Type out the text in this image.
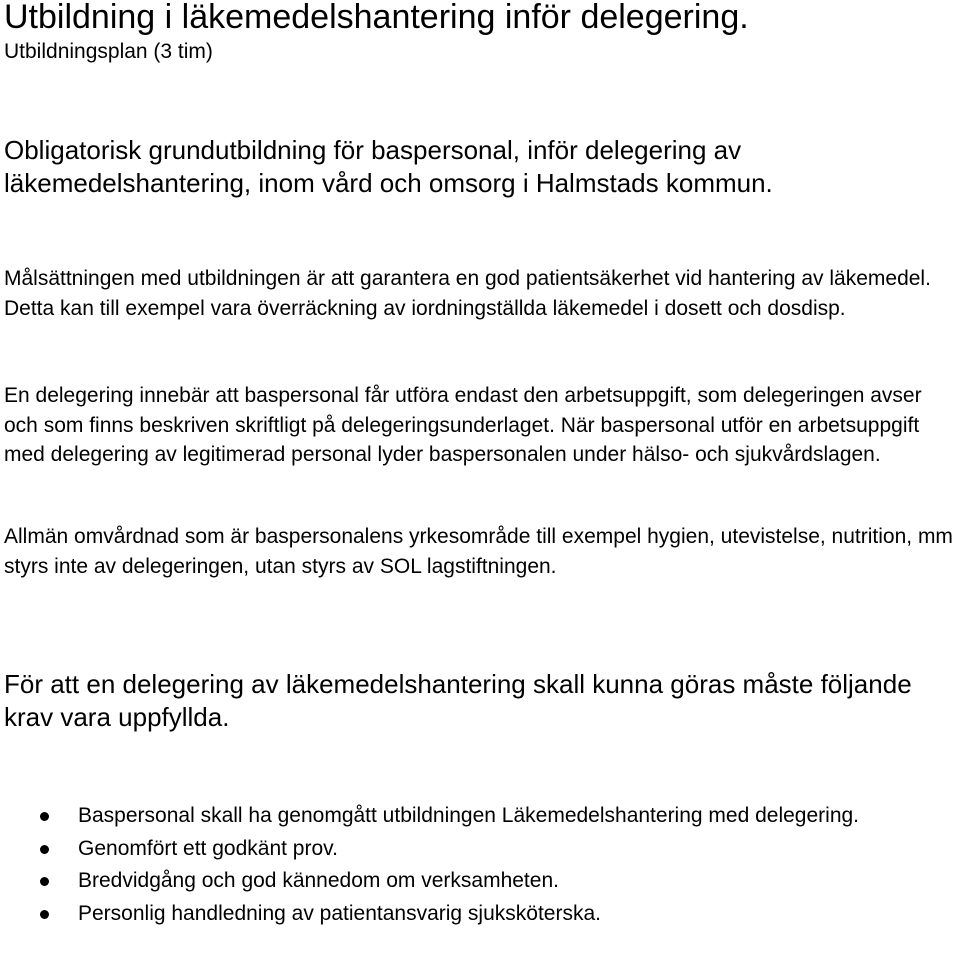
Utbildning i läkemedelshantering inför delegering.

Utbildningsplan (3 tim)

Obligatorisk grundutbildning för baspersonal, inför delegering av läkemedelshantering, inom vård och omsorg i Halmstads kommun.

Målsättningen med utbildningen är att garantera en god patientsäkerhet vid hantering av läkemedel. Detta kan till exempel vara överräckning av iordningställda läkemedel i dosett och dosdisp.

En delegering innebär att baspersonal får utföra endast den arbetsuppgift, som delegeringen avser och som finns beskriven skriftligt på delegeringsunderlaget. När baspersonal utför en arbetsuppgift med delegering av legitimerad personal lyder baspersonalen under hälso- och sjukvårdslagen.

Allmän omvårdnad som är baspersonalens yrkesområde till exempel hygien, utevistelse, nutrition, mm styrs inte av delegeringen, utan styrs av SOL lagstiftningen.

För att en delegering av läkemedelshantering skall kunna göras måste följande krav vara uppfyllda.

Baspersonal skall ha genomgått utbildningen Läkemedelshantering med delegering.
Genomfört ett godkänt prov.
Bredvidgång och god kännedom om verksamheten.
Personlig handledning av patientansvarig sjuksköterska.
